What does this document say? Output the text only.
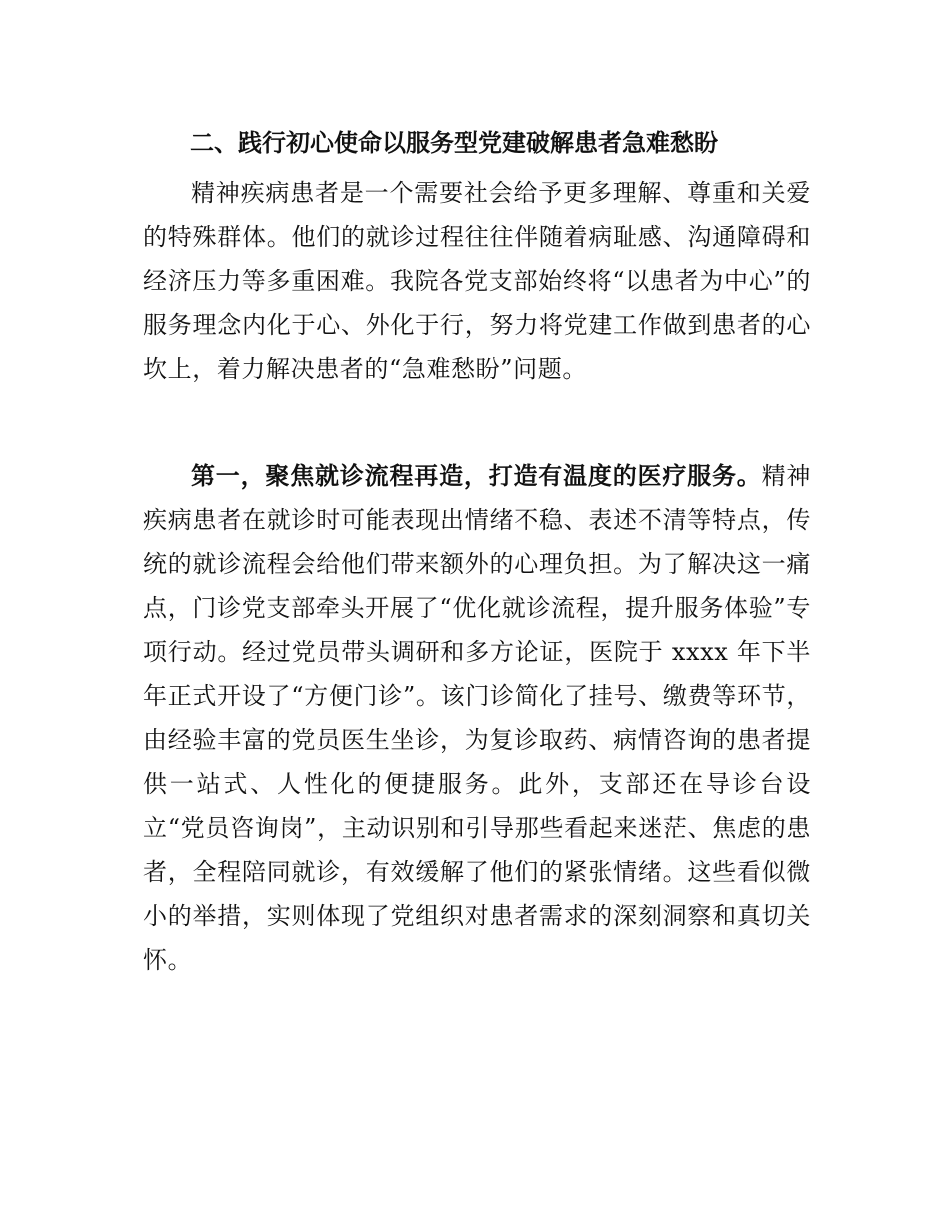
二、践行初心使命以服务型党建破解患者急难愁盼

精神疾病患者是一个需要社会给予更多理解、尊重和关爱的特殊群体。他们的就诊过程往往伴随着病耻感、沟通障碍和经济压力等多重困难。我院各党支部始终将“以患者为中心”的服务理念内化于心、外化于行，努力将党建工作做到患者的心坎上，着力解决患者的“急难愁盼”问题。

第一，聚焦就诊流程再造，打造有温度的医疗服务。精神疾病患者在就诊时可能表现出情绪不稳、表述不清等特点，传统的就诊流程会给他们带来额外的心理负担。为了解决这一痛点，门诊党支部牵头开展了“优化就诊流程，提升服务体验”专项行动。经过党员带头调研和多方论证，医院于 xxxx 年下半年正式开设了“方便门诊”。该门诊简化了挂号、缴费等环节，由经验丰富的党员医生坐诊，为复诊取药、病情咨询的患者提供一站式、人性化的便捷服务。此外，支部还在导诊台设立“党员咨询岗”，主动识别和引导那些看起来迷茫、焦虑的患者，全程陪同就诊，有效缓解了他们的紧张情绪。这些看似微小的举措，实则体现了党组织对患者需求的深刻洞察和真切关怀。
